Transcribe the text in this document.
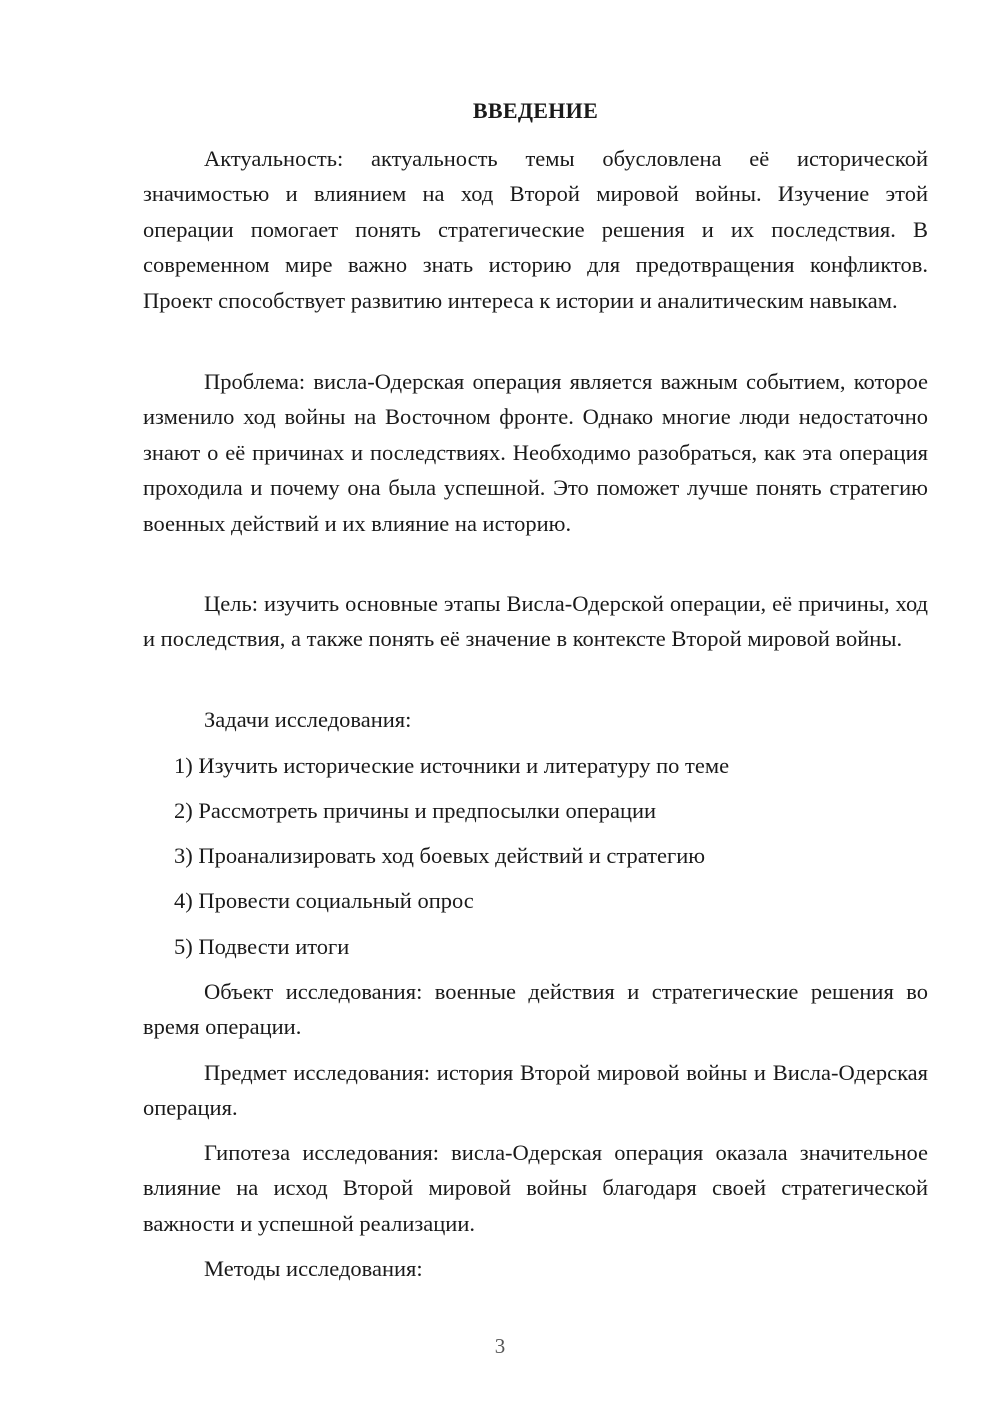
ВВЕДЕНИЕ

Актуальность: актуальность темы обусловлена её исторической значимостью и влиянием на ход Второй мировой войны. Изучение этой операции помогает понять стратегические решения и их последствия. В современном мире важно знать историю для предотвращения конфликтов. Проект способствует развитию интереса к истории и аналитическим навыкам.

Проблема: висла-Одерская операция является важным событием, которое изменило ход войны на Восточном фронте. Однако многие люди недостаточно знают о её причинах и последствиях. Необходимо разобраться, как эта операция проходила и почему она была успешной. Это поможет лучше понять стратегию военных действий и их влияние на историю.

Цель: изучить основные этапы Висла-Одерской операции, её причины, ход и последствия, а также понять её значение в контексте Второй мировой войны.

Задачи исследования:

1) Изучить исторические источники и литературу по теме
2) Рассмотреть причины и предпосылки операции
3) Проанализировать ход боевых действий и стратегию
4) Провести социальный опрос
5) Подвести итоги

Объект исследования: военные действия и стратегические решения во время операции.

Предмет исследования: история Второй мировой войны и Висла-Одерская операция.

Гипотеза исследования: висла-Одерская операция оказала значительное влияние на исход Второй мировой войны благодаря своей стратегической важности и успешной реализации.

Методы исследования:

3
